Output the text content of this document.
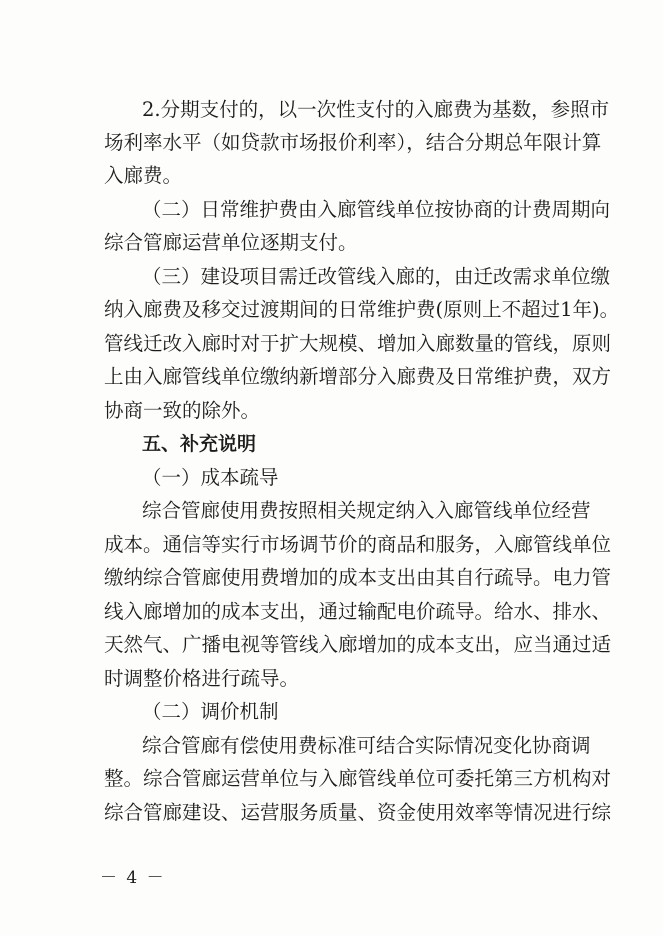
2.分期支付的，以一次性支付的入廊费为基数，参照市
场利率水平（如贷款市场报价利率），结合分期总年限计算
入廊费。
（二）日常维护费由入廊管线单位按协商的计费周期向
综合管廊运营单位逐期支付。
（三）建设项目需迁改管线入廊的，由迁改需求单位缴
纳入廊费及移交过渡期间的日常维护费(原则上不超过1年)。
管线迁改入廊时对于扩大规模、增加入廊数量的管线，原则
上由入廊管线单位缴纳新增部分入廊费及日常维护费，双方
协商一致的除外。
五、补充说明
（一）成本疏导
综合管廊使用费按照相关规定纳入入廊管线单位经营
成本。通信等实行市场调节价的商品和服务，入廊管线单位
缴纳综合管廊使用费增加的成本支出由其自行疏导。电力管
线入廊增加的成本支出，通过输配电价疏导。给水、排水、
天然气、广播电视等管线入廊增加的成本支出，应当通过适
时调整价格进行疏导。
（二）调价机制
综合管廊有偿使用费标准可结合实际情况变化协商调
整。综合管廊运营单位与入廊管线单位可委托第三方机构对
综合管廊建设、运营服务质量、资金使用效率等情况进行综
－ 4 －
